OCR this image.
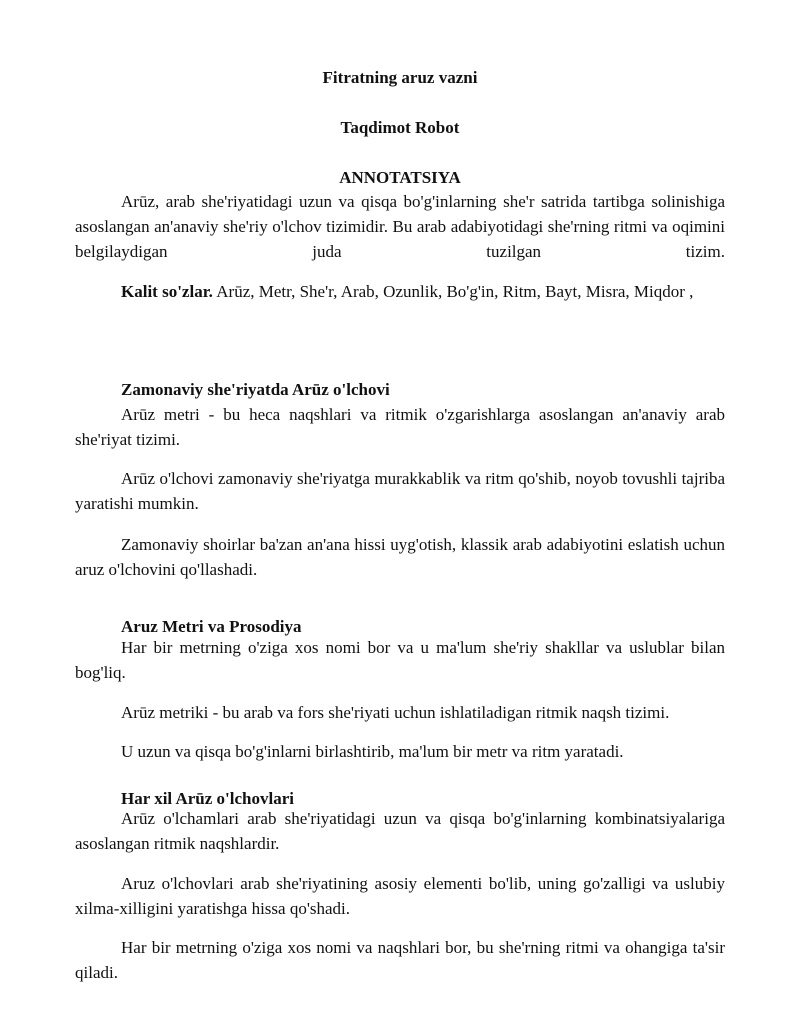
Fitratning aruz vazni
Taqdimot Robot
ANNOTATSIYA
Arūz, arab she'riyatidagi uzun va qisqa bo'g'inlarning she'r satrida tartibga solinishiga asoslangan an'anaviy she'riy o'lchov tizimidir. Bu arab adabiyotidagi she'rning ritmi va oqimini belgilaydigan juda tuzilgan tizim.
Kalit so'zlar. Arūz, Metr, She'r, Arab, Ozunlik, Bo'g'in, Ritm, Bayt, Misra, Miqdor ,
Zamonaviy she'riyatda Arūz o'lchovi
Arūz metri - bu heca naqshlari va ritmik o'zgarishlarga asoslangan an'anaviy arab she'riyat tizimi.
Arūz o'lchovi zamonaviy she'riyatga murakkablik va ritm qo'shib, noyob tovushli tajriba yaratishi mumkin.
Zamonaviy shoirlar ba'zan an'ana hissi uyg'otish, klassik arab adabiyotini eslatish uchun aruz o'lchovini qo'llashadi.
Aruz Metri va Prosodiya
Har bir metrning o'ziga xos nomi bor va u ma'lum she'riy shakllar va uslublar bilan bog'liq.
Arūz metriki - bu arab va fors she'riyati uchun ishlatiladigan ritmik naqsh tizimi.
U uzun va qisqa bo'g'inlarni birlashtirib, ma'lum bir metr va ritm yaratadi.
Har xil Arūz o'lchovlari
Arūz o'lchamlari arab she'riyatidagi uzun va qisqa bo'g'inlarning kombinatsiyalariga asoslangan ritmik naqshlardir.
Aruz o'lchovlari arab she'riyatining asosiy elementi bo'lib, uning go'zalligi va uslubiy xilma-xilligini yaratishga hissa qo'shadi.
Har bir metrning o'ziga xos nomi va naqshlari bor, bu she'rning ritmi va ohangiga ta'sir qiladi.
